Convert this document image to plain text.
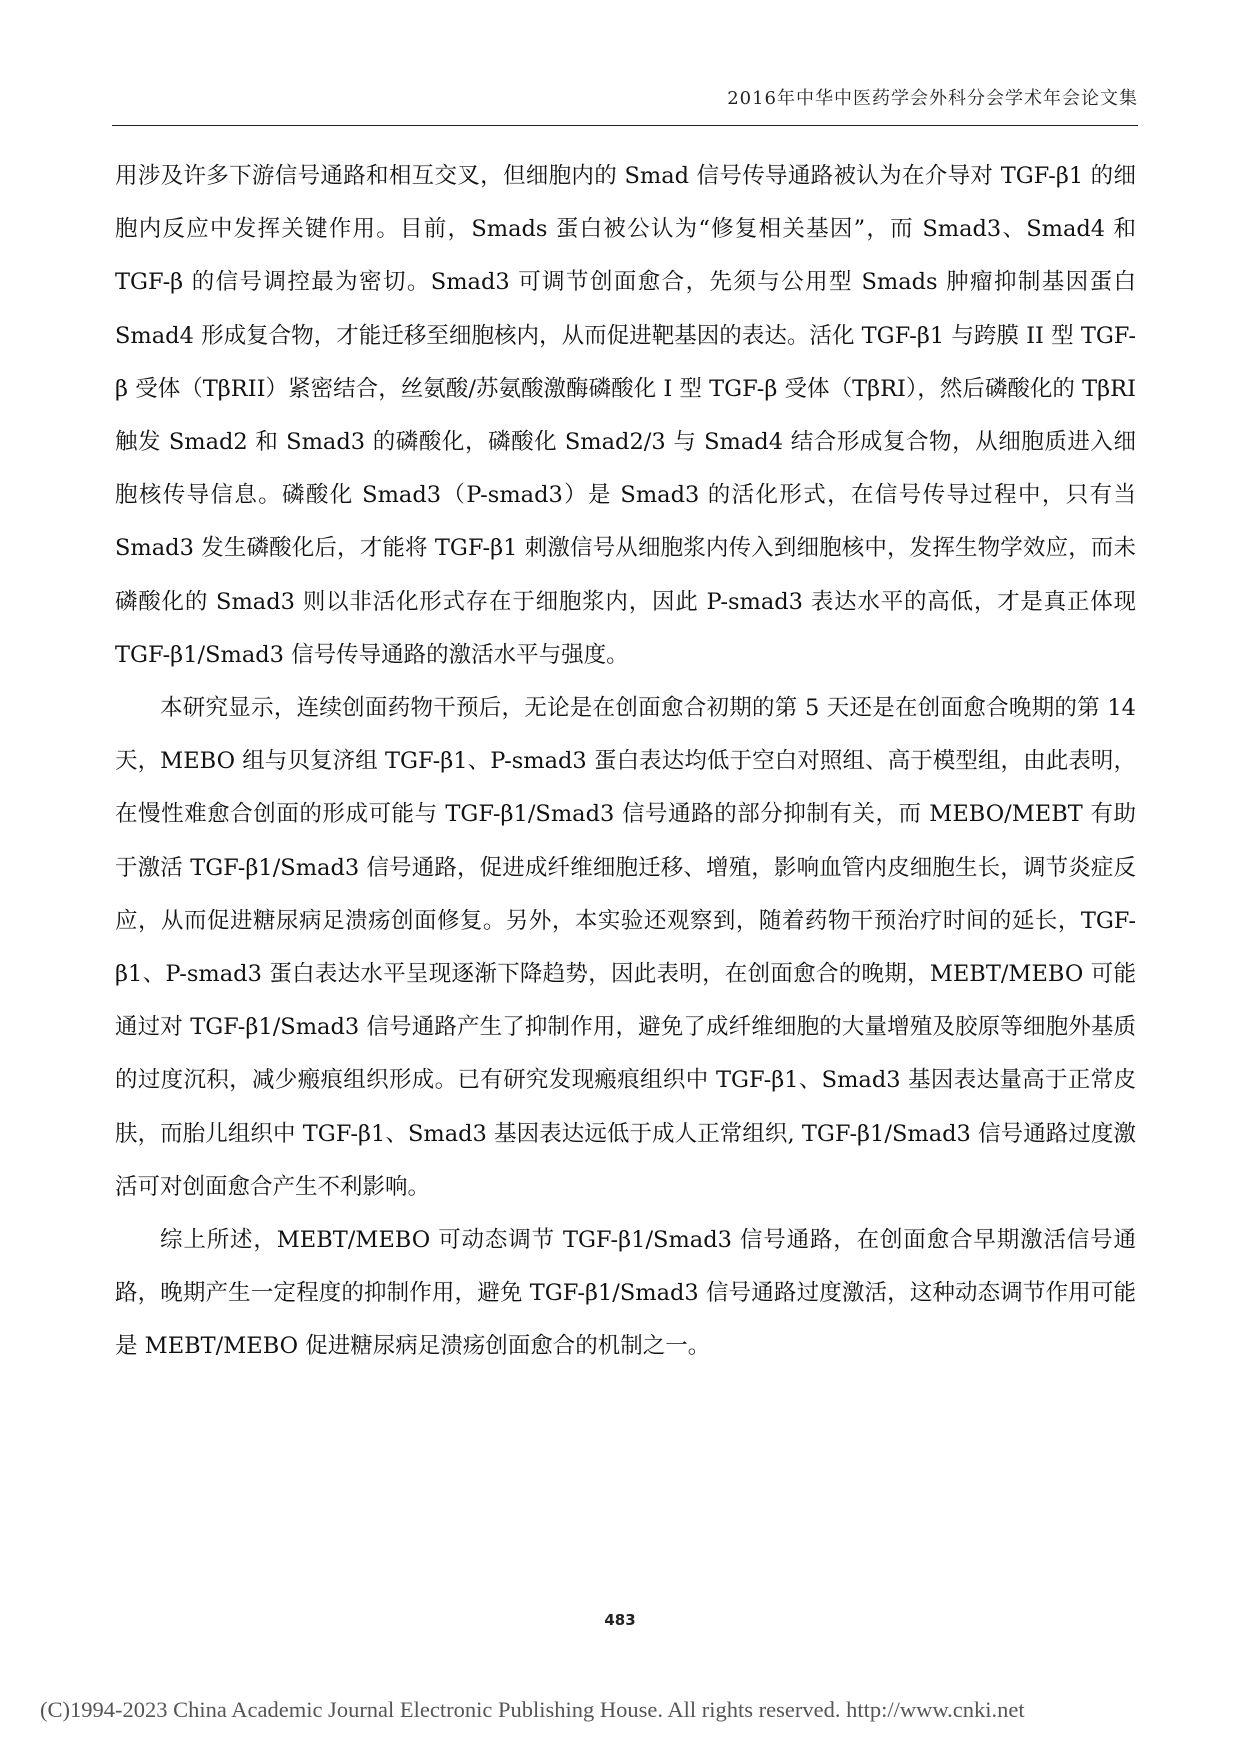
2016年中华中医药学会外科分会学术年会论文集

用涉及许多下游信号通路和相互交叉，但细胞内的 Smad 信号传导通路被认为在介导对 TGF-β1 的细胞内反应中发挥关键作用。目前，Smads 蛋白被公认为“修复相关基因”，而 Smad3、Smad4 和 TGF-β 的信号调控最为密切。Smad3 可调节创面愈合，先须与公用型 Smads 肿瘤抑制基因蛋白 Smad4 形成复合物，才能迁移至细胞核内，从而促进靶基因的表达。活化 TGF-β1 与跨膜 II 型 TGF-β 受体（TβRII）紧密结合，丝氨酸/苏氨酸激酶磷酸化 I 型 TGF-β 受体（TβRI），然后磷酸化的 TβRI 触发 Smad2 和 Smad3 的磷酸化，磷酸化 Smad2/3 与 Smad4 结合形成复合物，从细胞质进入细胞核传导信息。磷酸化 Smad3（P-smad3）是 Smad3 的活化形式，在信号传导过程中，只有当 Smad3 发生磷酸化后，才能将 TGF-β1 刺激信号从细胞浆内传入到细胞核中，发挥生物学效应，而未磷酸化的 Smad3 则以非活化形式存在于细胞浆内，因此 P-smad3 表达水平的高低，才是真正体现 TGF-β1/Smad3 信号传导通路的激活水平与强度。

本研究显示，连续创面药物干预后，无论是在创面愈合初期的第 5 天还是在创面愈合晚期的第 14 天，MEBO 组与贝复济组 TGF-β1、P-smad3 蛋白表达均低于空白对照组、高于模型组，由此表明，在慢性难愈合创面的形成可能与 TGF-β1/Smad3 信号通路的部分抑制有关，而 MEBO/MEBT 有助于激活 TGF-β1/Smad3 信号通路，促进成纤维细胞迁移、增殖，影响血管内皮细胞生长，调节炎症反应，从而促进糖尿病足溃疡创面修复。另外，本实验还观察到，随着药物干预治疗时间的延长，TGF-β1、P-smad3 蛋白表达水平呈现逐渐下降趋势，因此表明，在创面愈合的晚期，MEBT/MEBO 可能通过对 TGF-β1/Smad3 信号通路产生了抑制作用，避免了成纤维细胞的大量增殖及胶原等细胞外基质的过度沉积，减少瘢痕组织形成。已有研究发现瘢痕组织中 TGF-β1、Smad3 基因表达量高于正常皮肤，而胎儿组织中 TGF-β1、Smad3 基因表达远低于成人正常组织, TGF-β1/Smad3 信号通路过度激活可对创面愈合产生不利影响。

综上所述，MEBT/MEBO 可动态调节 TGF-β1/Smad3 信号通路，在创面愈合早期激活信号通路，晚期产生一定程度的抑制作用，避免 TGF-β1/Smad3 信号通路过度激活，这种动态调节作用可能是 MEBT/MEBO 促进糖尿病足溃疡创面愈合的机制之一。

483
(C)1994-2023 China Academic Journal Electronic Publishing House. All rights reserved. http://www.cnki.net
